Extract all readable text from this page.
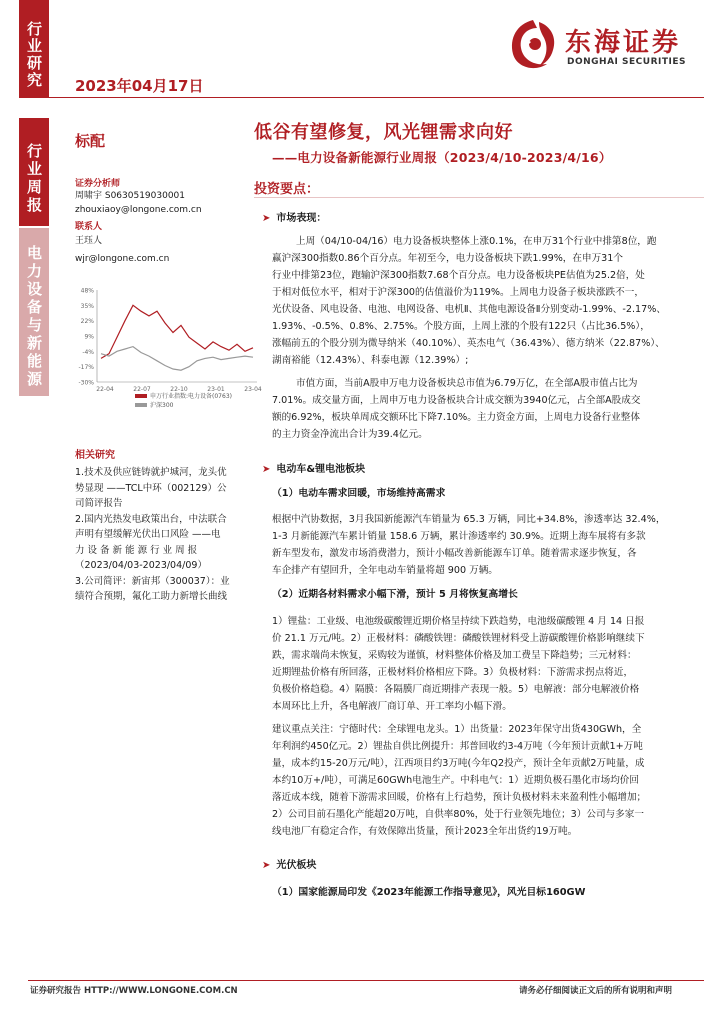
行业研究	2023年04月17日
东海证券
DONGHAI SECURITIES
行业周报
电力设备与新能源
标配
证券分析师
周啸宇 S0630519030001
zhouxiaoy@longone.com.cn
联系人
王珏人
wjr@longone.com.cn
48%
35%
22%
9%
-4%
-17%
-30%
22-04	22-07	22-10	23-01	23-04
申万行业指数:电力设备(0763)
沪深300
相关研究
1.技术及供应链铸就护城河，龙头优
势显现 ——TCL中环（002129）公
司简评报告
2.国内光热发电政策出台，中法联合
声明有望缓解光伏出口风险 ——电
力 设 备 新 能 源 行 业 周 报
（2023/04/03-2023/04/09）
3.公司简评：新宙邦（300037）：业
绩符合预期，氟化工助力新增长曲线
低谷有望修复，风光锂需求向好
——电力设备新能源行业周报（2023/4/10-2023/4/16）
投资要点：
➤ 市场表现：
上周（04/10-04/16）电力设备板块整体上涨0.1%，在申万31个行业中排第8位，跑
赢沪深300指数0.86个百分点。年初至今，电力设备板块下跌1.99%，在申万31个
行业中排第23位，跑输沪深300指数7.68个百分点。电力设备板块PE估值为25.2倍，处
于相对低位水平，相对于沪深300的估值溢价为119%。上周电力设备子板块涨跌不一，
光伏设备、风电设备、电池、电网设备、电机Ⅱ、其他电源设备Ⅱ分别变动-1.99%、-2.17%、
1.93%、-0.5%、0.8%、2.75%。个股方面，上周上涨的个股有122只（占比36.5%），
涨幅前五的个股分别为微导纳米（40.10%）、英杰电气（36.43%）、德方纳米（22.87%）、
湖南裕能（12.43%）、科泰电源（12.39%）;
市值方面，当前A股申万电力设备板块总市值为6.79万亿，在全部A股市值占比为
7.01%。成交量方面，上周申万电力设备板块合计成交额为3940亿元，占全部A股成交
额的6.92%，板块单周成交额环比下降7.10%。主力资金方面，上周电力设备行业整体
的主力资金净流出合计为39.4亿元。
➤ 电动车&锂电池板块
（1）电动车需求回暖，市场维持高需求
根据中汽协数据，3月我国新能源汽车销量为 65.3 万辆，同比+34.8%，渗透率达 32.4%，
1-3 月新能源汽车累计销量 158.6 万辆，累计渗透率约 30.9%。近期上海车展将有多款
新车型发布，激发市场消费潜力，预计小幅改善新能源车订单。随着需求逐步恢复，各
车企排产有望回升，全年电动车销量将超 900 万辆。
（2）近期各材料需求小幅下滑，预计 5 月将恢复高增长
1）锂盐：工业级、电池级碳酸锂近期价格呈持续下跌趋势，电池级碳酸锂 4 月 14 日报
价 21.1 万元/吨。2）正极材料：磷酸铁锂：磷酸铁锂材料受上游碳酸锂价格影响继续下
跌，需求端尚未恢复，采购较为谨慎，材料整体价格及加工费呈下降趋势；三元材料：
近期锂盐价格有所回落，正极材料价格相应下降。3）负极材料：下游需求拐点将近，
负极价格趋稳。4）隔膜：各隔膜厂商近期排产表现一般。5）电解液：部分电解液价格
本周环比上升，各电解液厂商订单、开工率均小幅下滑。
建议重点关注：宁德时代：全球锂电龙头。1）出货量：2023年保守出货430GWh，全
年利润约450亿元。2）锂盐自供比例提升：邦普回收约3-4万吨（今年预计贡献1+万吨
量，成本约15-20万元/吨），江西项目约3万吨(今年Q2投产，预计全年贡献2万吨量，成
本约10万+/吨），可满足60GWh电池生产。中科电气：1）近期负极石墨化市场均价回
落近成本线，随着下游需求回暖，价格有上行趋势，预计负极材料未来盈利性小幅增加；
2）公司目前石墨化产能超20万吨，自供率80%，处于行业领先地位；3）公司与多家一
线电池厂有稳定合作，有效保障出货量，预计2023全年出货约19万吨。
➤ 光伏板块
（1）国家能源局印发《2023年能源工作指导意见》，风光目标160GW
证券研究报告 HTTP://WWW.LONGONE.COM.CN	请务必仔细阅读正文后的所有说明和声明
